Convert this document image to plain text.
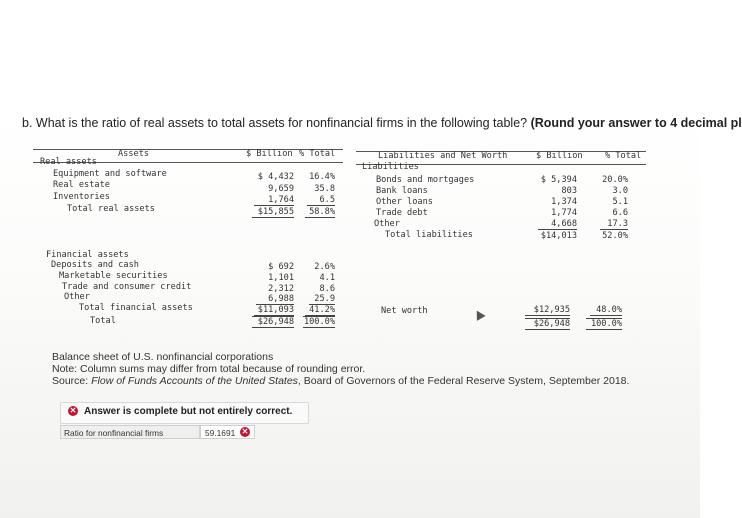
b. What is the ratio of real assets to total assets for nonfinancial firms in the following table? (Round your answer to 4 decimal pl
Assets	$ Billion % Total	Liabilities and Net Worth	$ Billion	% Total
Real assets
Equipment and software	$ 4,432	16.4%
Real estate	9,659	35.8
Inventories	1,764	6.5
Total real assets	$15,855	58.8%
Financial assets
Deposits and cash	$ 692	2.6%
Marketable securities	1,101	4.1
Trade and consumer credit	2,312	8.6
Other	6,988	25.9
Total financial assets	$11,093	41.2%
Total	$26,948 100.0%
Liabilities
Bonds and mortgages	$ 5,394	20.0%
Bank loans	803	3.0
Other loans	1,374	5.1
Trade debt	1,774	6.6
Other	4,668	17.3
Total liabilities	$14,013	52.0%
Net worth	$12,935	48.0%
$26,948	100.0%
Balance sheet of U.S. nonfinancial corporations
Note: Column sums may differ from total because of rounding error.
Source: Flow of Funds Accounts of the United States, Board of Governors of the Federal Reserve System, September 2018.
✕ Answer is complete but not entirely correct.
Ratio for nonfinancial firms	59.1691 ✕
